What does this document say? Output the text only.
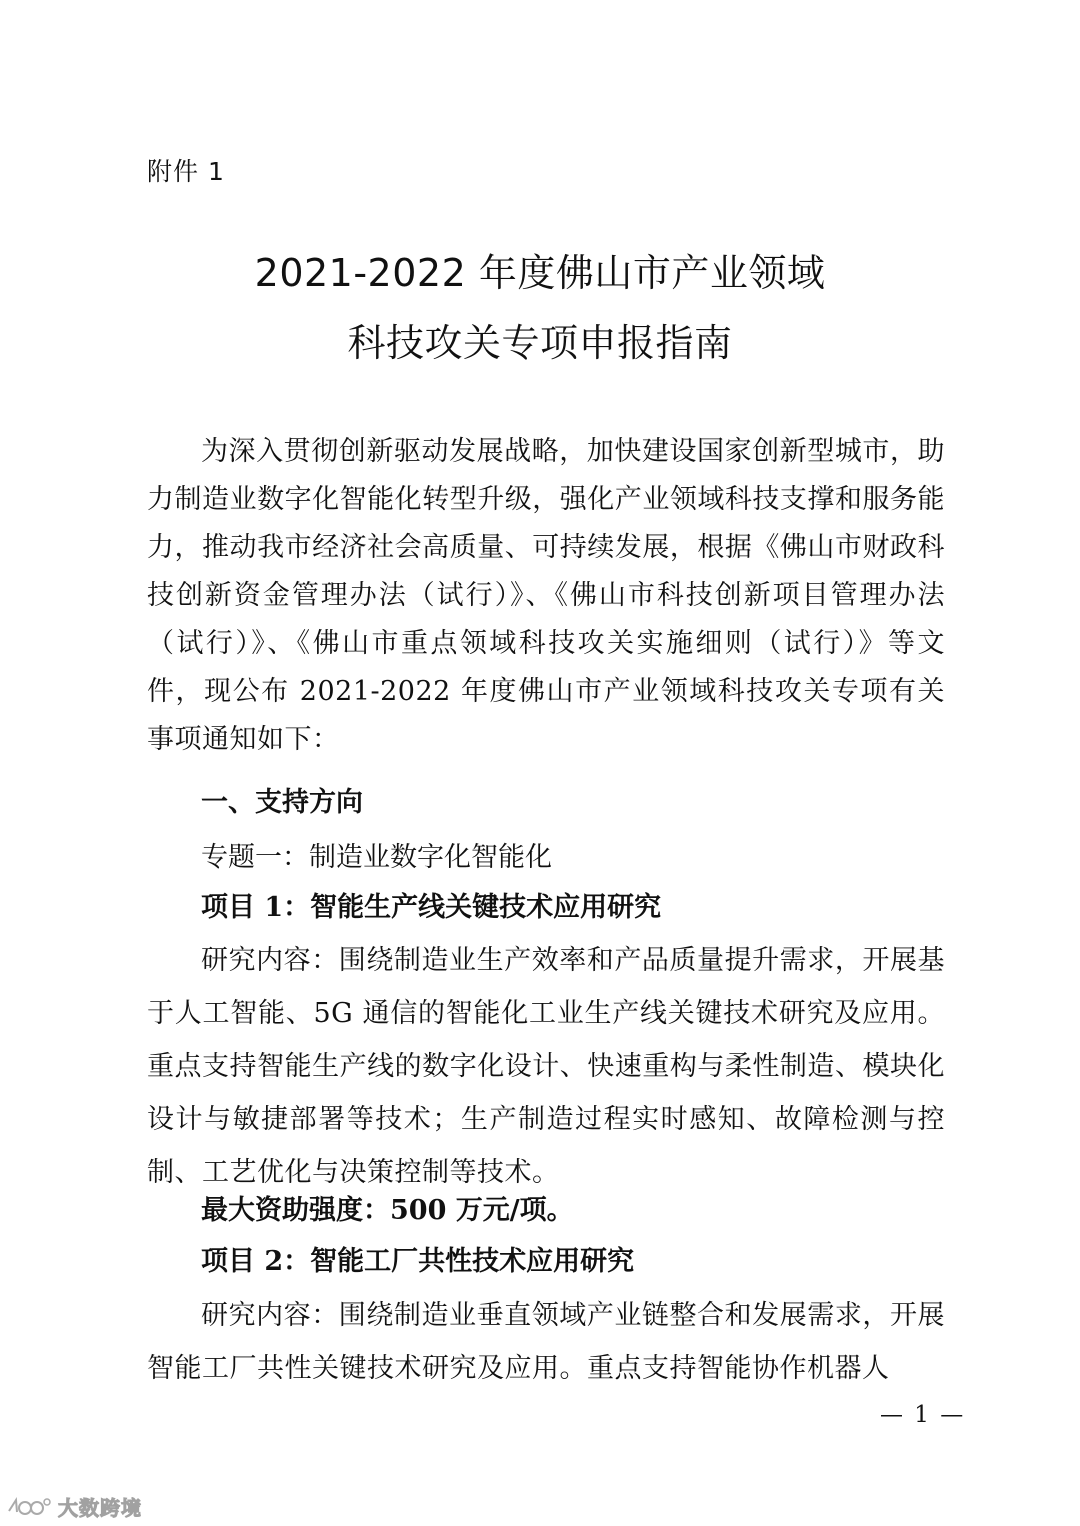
附件 1
2021-2022 年度佛山市产业领域
科技攻关专项申报指南

为深入贯彻创新驱动发展战略，加快建设国家创新型城市，助力制造业数字化智能化转型升级，强化产业领域科技支撑和服务能力，推动我市经济社会高质量、可持续发展，根据《佛山市财政科技创新资金管理办法（试行）》、《佛山市科技创新项目管理办法（试行）》、《佛山市重点领域科技攻关实施细则（试行）》等文件，现公布 2021-2022 年度佛山市产业领域科技攻关专项有关事项通知如下：

一、支持方向
专题一：制造业数字化智能化
项目 1：智能生产线关键技术应用研究

研究内容：围绕制造业生产效率和产品质量提升需求，开展基于人工智能、5G 通信的智能化工业生产线关键技术研究及应用。重点支持智能生产线的数字化设计、快速重构与柔性制造、模块化设计与敏捷部署等技术；生产制造过程实时感知、故障检测与控制、工艺优化与决策控制等技术。

最大资助强度：500 万元/项。
项目 2：智能工厂共性技术应用研究

研究内容：围绕制造业垂直领域产业链整合和发展需求，开展智能工厂共性关键技术研究及应用。重点支持智能协作机器人

— 1 —
大数跨境
